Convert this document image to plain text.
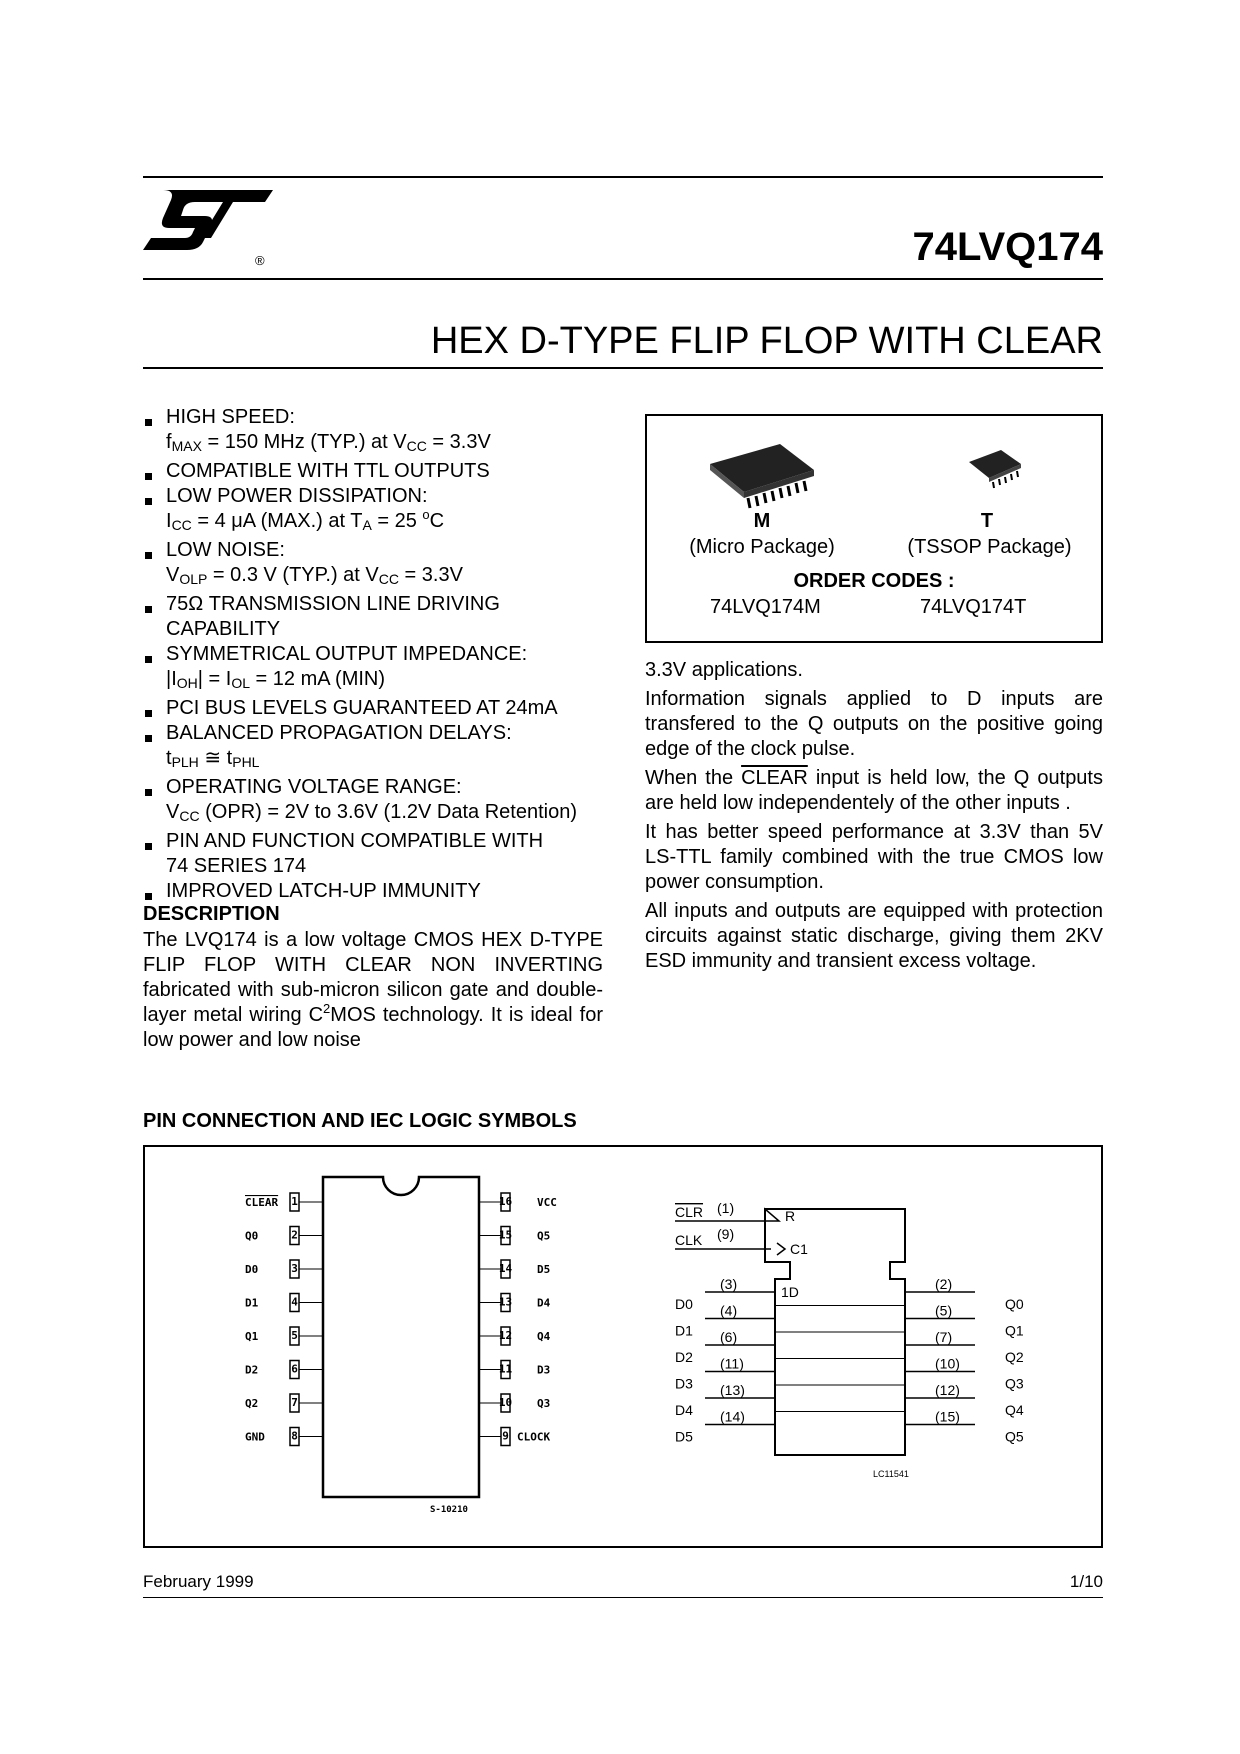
®	74LVQ174
HEX D-TYPE FLIP FLOP WITH CLEAR
HIGH SPEED:
$f_{MAX} = 150$ MHz (TYP.) at $V_{CC} = 3.3V$
COMPATIBLE WITH TTL OUTPUTS
LOW POWER DISSIPATION:
$I_{CC} = 4$ μA (MAX.) at $T_A = 25$ $^o$C
LOW NOISE:
$V_{OLP} = 0.3$ V (TYP.) at $V_{CC} = 3.3V$
75Ω TRANSMISSION LINE DRIVING
CAPABILITY
SYMMETRICAL OUTPUT IMPEDANCE:
$|I_{OH}| = I_{OL} = 12$ mA (MIN)
PCI BUS LEVELS GUARANTEED AT 24mA
BALANCED PROPAGATION DELAYS:
$t_{PLH}$ ≅ $t_{PHL}$
OPERATING VOLTAGE RANGE:
$V_{CC}$ (OPR) = 2V to 3.6V (1.2V Data Retention)
PIN AND FUNCTION COMPATIBLE WITH
74 SERIES 174
IMPROVED LATCH-UP IMMUNITY
DESCRIPTION

The LVQ174 is a low voltage CMOS HEX D-TYPE FLIP FLOP WITH CLEAR NON INVERTING fabricated with sub-micron silicon gate and double-layer metal wiring $C^2MOS$ technology. It is ideal for low power and low noise

M
(Micro Package)
T
(TSSOP Package)
ORDER CODES :
74LVQ174M	74LVQ174T

3.3V applications.

Information signals applied to D inputs are transfered to the Q outputs on the positive going edge of the clock pulse.

When the CLEAR input is held low, the Q outputs are held low independentely of the other inputs .

It has better speed performance at 3.3V than 5V LS-TTL family combined with the true CMOS low power consumption.

All inputs and outputs are equipped with protection circuits against static discharge, giving them 2KV ESD immunity and transient excess voltage.

PIN CONNECTION AND IEC LOGIC SYMBOLS
1
CLEAR
2
Q0
3
D0
4
D1
5
Q1
6
D2
7
Q2
8
GND
16 VCC
15 Q5
14 D5
13 D4
12 Q4
11 D3
10 Q3
9 CLOCK
S-10210
CLR (1)
CLK (9)
R
C1
1D
D0
(3)
Q0
(2)
D1
(4)
Q1
(5)
D2
(6)
Q2
(7)
D3
(11)
Q3
(10)
D4
(13)
Q4
(12)
D5
(14)
Q5
(15)
LC11541
February 1999	1/10
